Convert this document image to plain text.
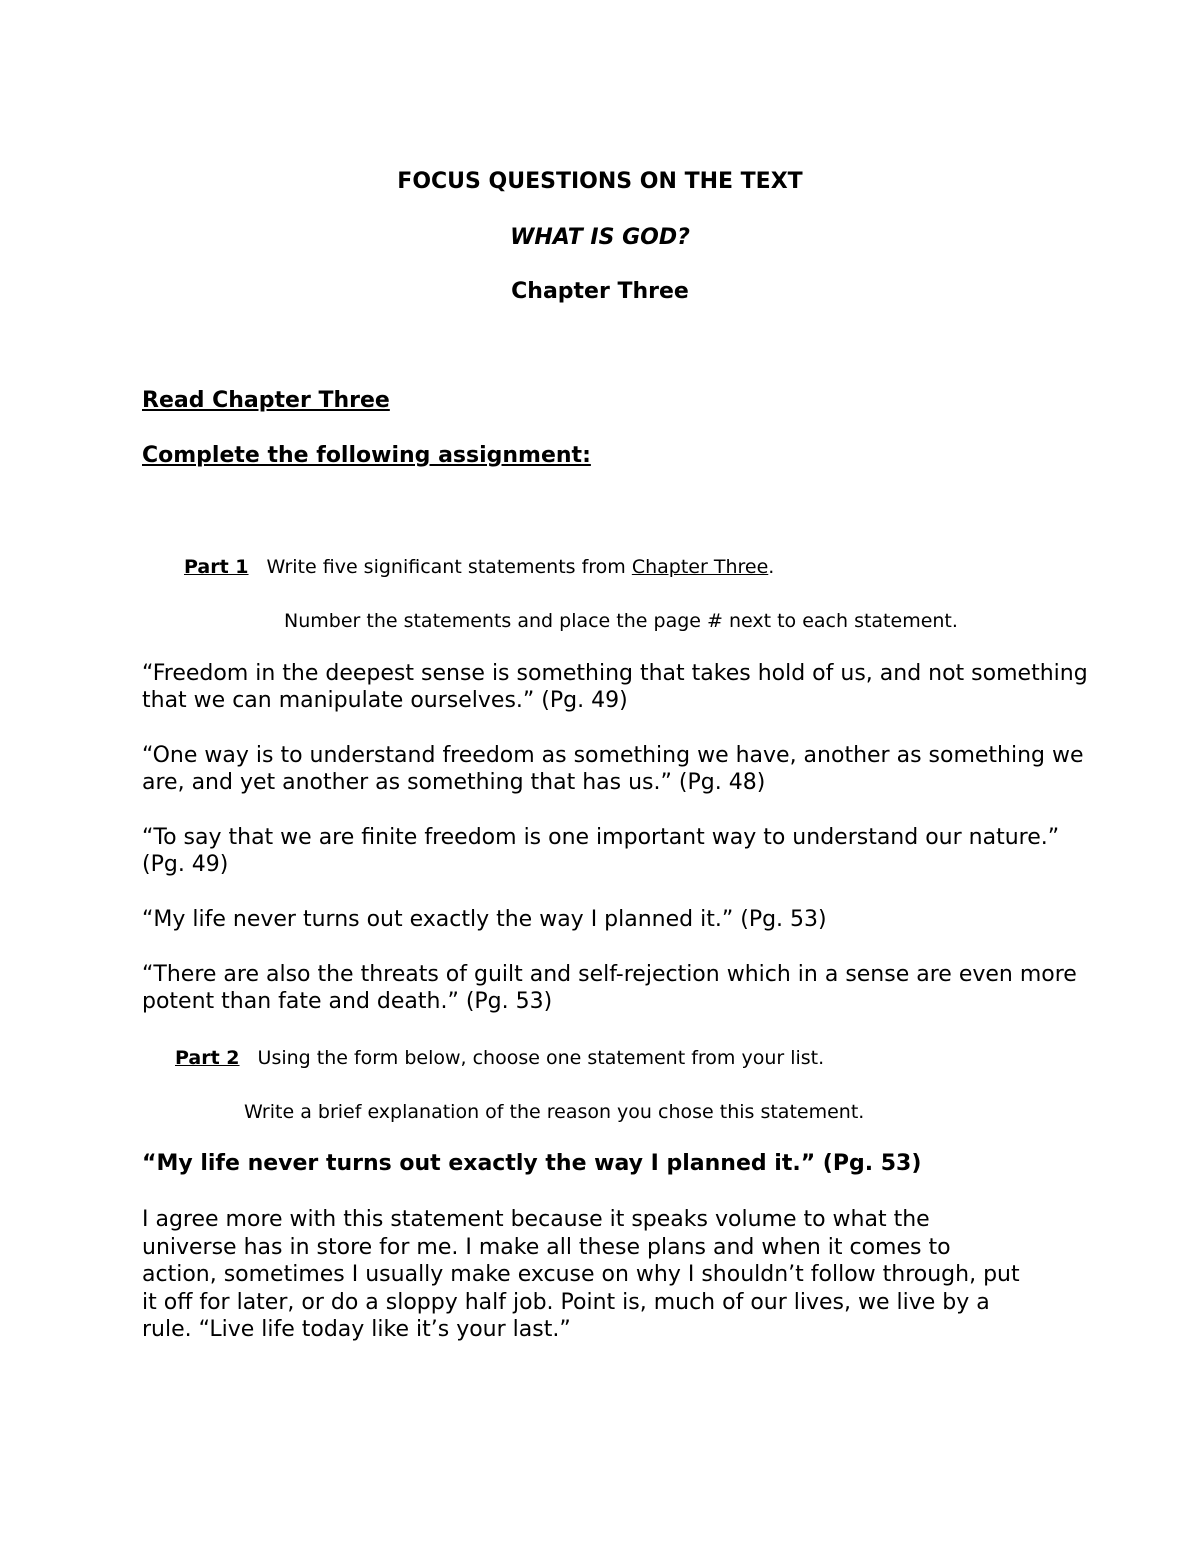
FOCUS QUESTIONS ON THE TEXT
WHAT IS GOD?
Chapter Three
Read Chapter Three
Complete the following assignment:
Part 1 Write five significant statements from Chapter Three.
Number the statements and place the page # next to each statement.
“Freedom in the deepest sense is something that takes hold of us, and not something that we can manipulate ourselves.” (Pg. 49)
“One way is to understand freedom as something we have, another as something we are, and yet another as something that has us.” (Pg. 48)
“To say that we are finite freedom is one important way to understand our nature.” (Pg. 49)
“My life never turns out exactly the way I planned it.” (Pg. 53)
“There are also the threats of guilt and self-rejection which in a sense are even more potent than fate and death.” (Pg. 53)
Part 2 Using the form below, choose one statement from your list.
Write a brief explanation of the reason you chose this statement.
“My life never turns out exactly the way I planned it.” (Pg. 53)
I agree more with this statement because it speaks volume to what the
universe has in store for me. I make all these plans and when it comes to
action, sometimes I usually make excuse on why I shouldn’t follow through, put
it off for later, or do a sloppy half job. Point is, much of our lives, we live by a
rule. “Live life today like it’s your last.”
